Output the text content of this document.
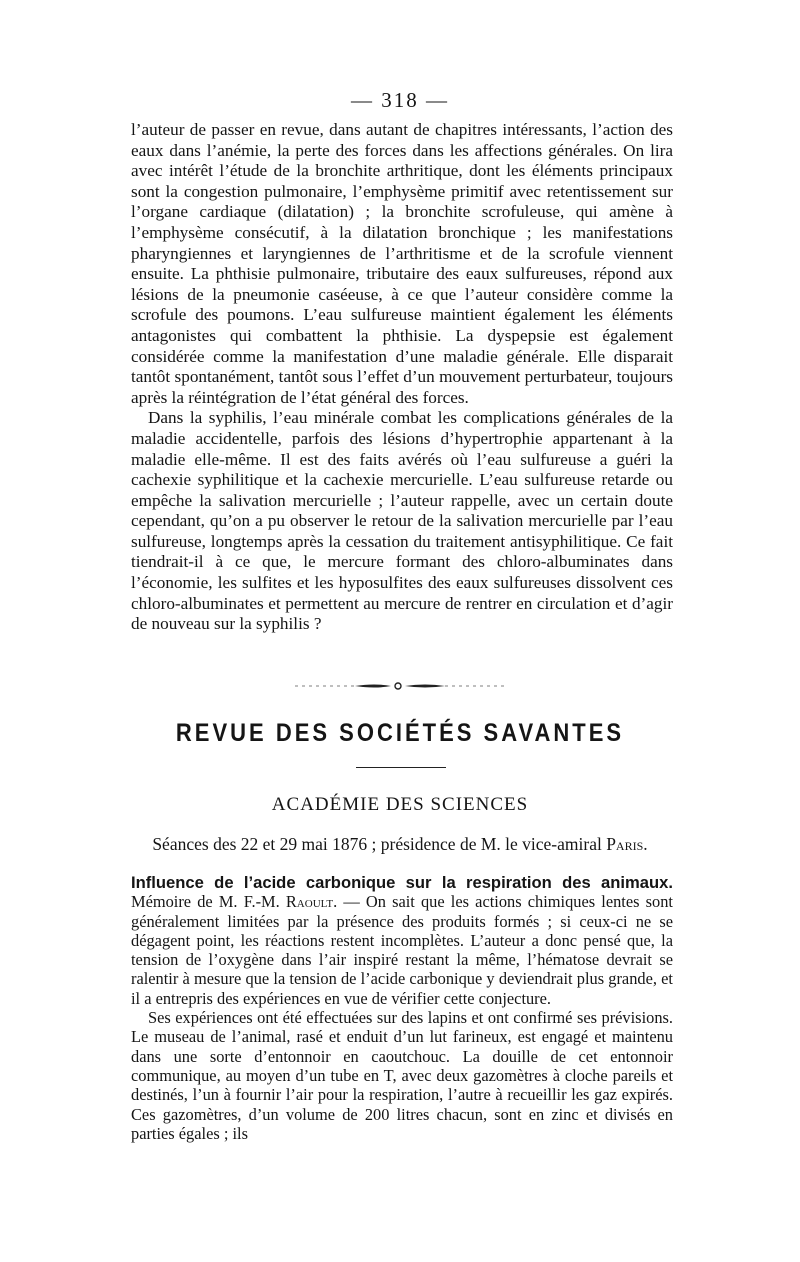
— 318 —

l’auteur de passer en revue, dans autant de chapitres intéressants, l’action des eaux dans l’anémie, la perte des forces dans les affections générales. On lira avec intérêt l’étude de la bronchite arthritique, dont les éléments principaux sont la congestion pulmonaire, l’emphysème primitif avec retentissement sur l’organe cardiaque (dilatation) ; la bronchite scrofuleuse, qui amène à l’emphysème consécutif, à la dilatation bronchique ; les manifestations pharyngiennes et laryngiennes de l’arthritisme et de la scrofule viennent ensuite. La phthisie pulmonaire, tributaire des eaux sulfureuses, répond aux lésions de la pneumonie caséeuse, à ce que l’auteur considère comme la scrofule des poumons. L’eau sulfureuse maintient également les éléments antagonistes qui combattent la phthisie. La dyspepsie est également considérée comme la manifestation d’une maladie générale. Elle disparait tantôt spontanément, tantôt sous l’effet d’un mouvement perturbateur, toujours après la réintégration de l’état général des forces.

Dans la syphilis, l’eau minérale combat les complications générales de la maladie accidentelle, parfois des lésions d’hypertrophie appartenant à la maladie elle-même. Il est des faits avérés où l’eau sulfureuse a guéri la cachexie syphilitique et la cachexie mercurielle. L’eau sulfureuse retarde ou empêche la salivation mercurielle ; l’auteur rappelle, avec un certain doute cependant, qu’on a pu observer le retour de la salivation mercurielle par l’eau sulfureuse, longtemps après la cessation du traitement antisyphilitique. Ce fait tiendrait-il à ce que, le mercure formant des chloro-albuminates dans l’économie, les sulfites et les hyposulfites des eaux sulfureuses dissolvent ces chloro-albuminates et permettent au mercure de rentrer en circulation et d’agir de nouveau sur la syphilis ?

REVUE DES SOCIÉTÉS SAVANTES
ACADÉMIE DES SCIENCES
Séances des 22 et 29 mai 1876 ; présidence de M. le vice-amiral Paris.

Influence de l’acide carbonique sur la respiration des animaux. Mémoire de M. F.-M. Raoult. — On sait que les actions chimiques lentes sont généralement limitées par la présence des produits formés ; si ceux-ci ne se dégagent point, les réactions restent incomplètes. L’auteur a donc pensé que, la tension de l’oxygène dans l’air inspiré restant la même, l’hématose devrait se ralentir à mesure que la tension de l’acide carbonique y deviendrait plus grande, et il a entrepris des expériences en vue de vérifier cette conjecture.

Ses expériences ont été effectuées sur des lapins et ont confirmé ses prévisions. Le museau de l’animal, rasé et enduit d’un lut farineux, est engagé et maintenu dans une sorte d’entonnoir en caoutchouc. La douille de cet entonnoir communique, au moyen d’un tube en T, avec deux gazomètres à cloche pareils et destinés, l’un à fournir l’air pour la respiration, l’autre à recueillir les gaz expirés. Ces gazomètres, d’un volume de 200 litres chacun, sont en zinc et divisés en parties égales ; ils
